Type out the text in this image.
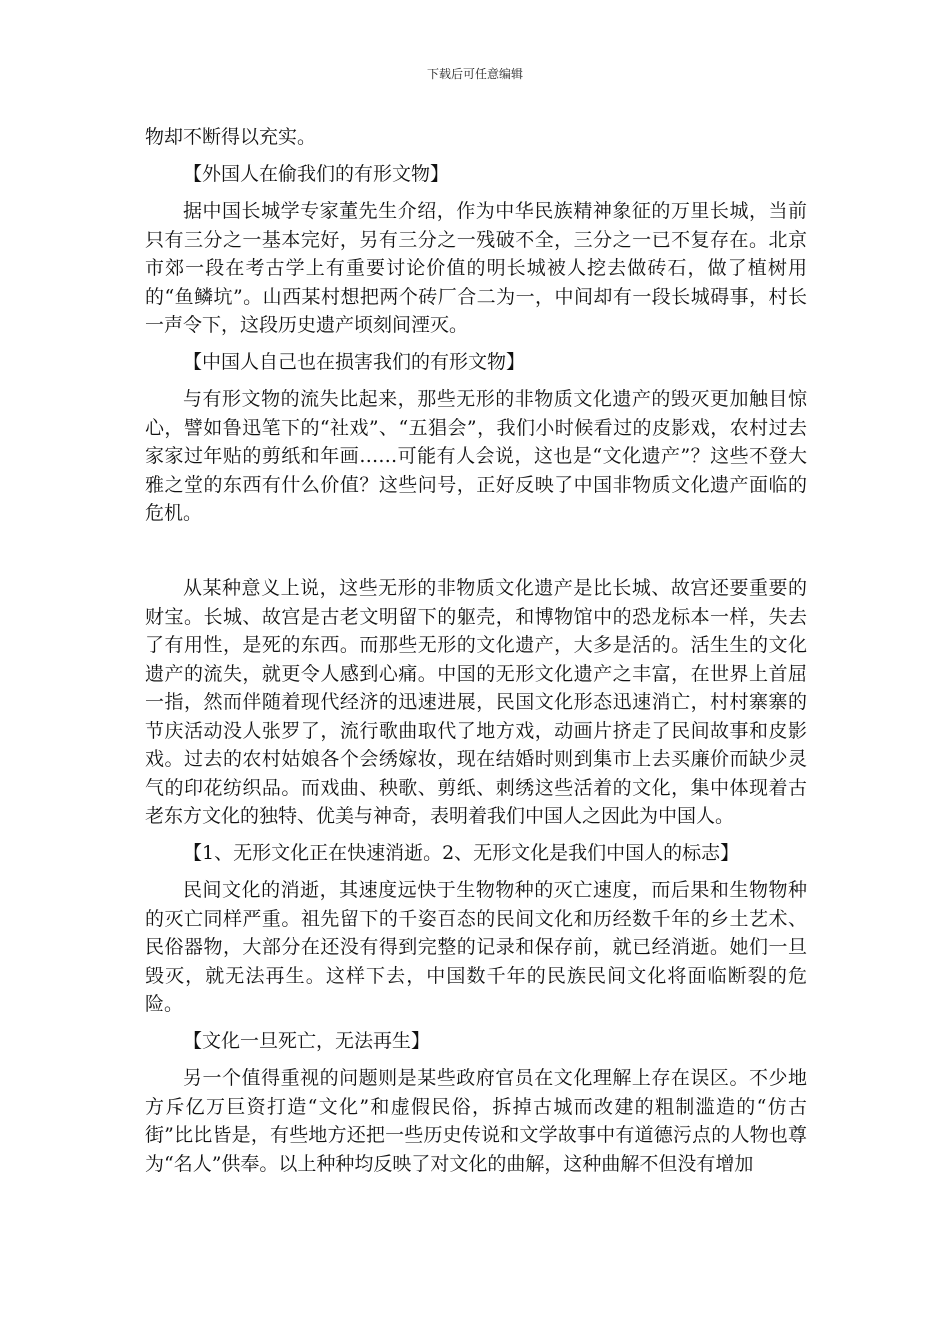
下载后可任意编辑

物却不断得以充实。

【外国人在偷我们的有形文物】

据中国长城学专家董先生介绍，作为中华民族精神象征的万里长城，当前只有三分之一基本完好，另有三分之一残破不全，三分之一已不复存在。北京市郊一段在考古学上有重要讨论价值的明长城被人挖去做砖石，做了植树用的“鱼鳞坑”。山西某村想把两个砖厂合二为一，中间却有一段长城碍事，村长一声令下，这段历史遗产顷刻间湮灭。

【中国人自己也在损害我们的有形文物】

与有形文物的流失比起来，那些无形的非物质文化遗产的毁灭更加触目惊心，譬如鲁迅笔下的“社戏”、“五猖会”，我们小时候看过的皮影戏，农村过去家家过年贴的剪纸和年画……可能有人会说，这也是“文化遗产”？这些不登大雅之堂的东西有什么价值？这些问号，正好反映了中国非物质文化遗产面临的危机。

从某种意义上说，这些无形的非物质文化遗产是比长城、故宫还要重要的财宝。长城、故宫是古老文明留下的躯壳，和博物馆中的恐龙标本一样，失去了有用性，是死的东西。而那些无形的文化遗产，大多是活的。活生生的文化遗产的流失，就更令人感到心痛。中国的无形文化遗产之丰富，在世界上首屈一指，然而伴随着现代经济的迅速进展，民国文化形态迅速消亡，村村寨寨的节庆活动没人张罗了，流行歌曲取代了地方戏，动画片挤走了民间故事和皮影戏。过去的农村姑娘各个会绣嫁妆，现在结婚时则到集市上去买廉价而缺少灵气的印花纺织品。而戏曲、秧歌、剪纸、刺绣这些活着的文化，集中体现着古老东方文化的独特、优美与神奇，表明着我们中国人之因此为中国人。

【1、无形文化正在快速消逝。2、无形文化是我们中国人的标志】

民间文化的消逝，其速度远快于生物物种的灭亡速度，而后果和生物物种的灭亡同样严重。祖先留下的千姿百态的民间文化和历经数千年的乡土艺术、民俗器物，大部分在还没有得到完整的记录和保存前，就已经消逝。她们一旦毁灭，就无法再生。这样下去，中国数千年的民族民间文化将面临断裂的危险。

【文化一旦死亡，无法再生】

另一个值得重视的问题则是某些政府官员在文化理解上存在误区。不少地方斥亿万巨资打造“文化”和虚假民俗，拆掉古城而改建的粗制滥造的“仿古街”比比皆是，有些地方还把一些历史传说和文学故事中有道德污点的人物也尊为“名人”供奉。以上种种均反映了对文化的曲解，这种曲解不但没有增加
